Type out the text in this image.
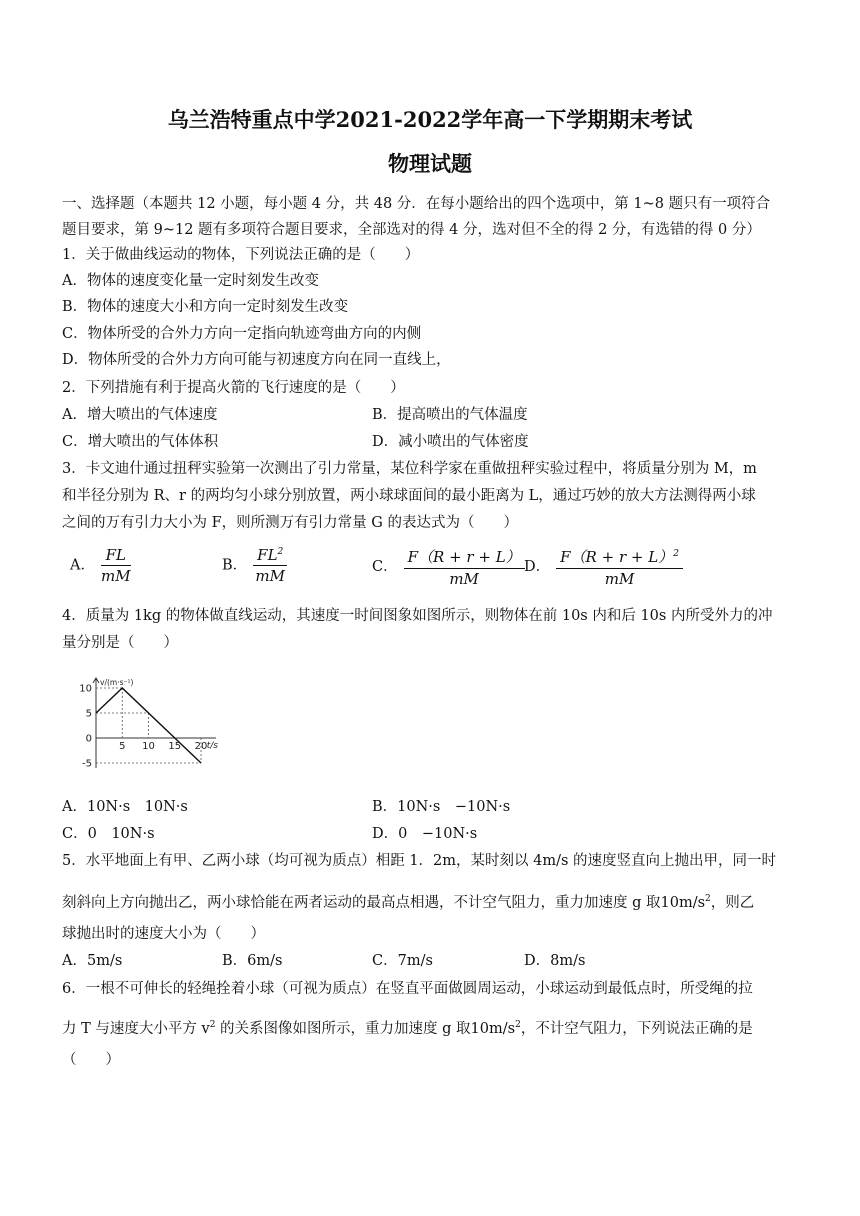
乌兰浩特重点中学2021-2022学年高一下学期期末考试
物理试题
一、选择题（本题共 12 小题，每小题 4 分，共 48 分．在每小题给出的四个选项中，第 1~8 题只有一项符合
题目要求，第 9~12 题有多项符合题目要求，全部选对的得 4 分，选对但不全的得 2 分，有选错的得 0 分）
1．关于做曲线运动的物体，下列说法正确的是（　　）
A．物体的速度变化量一定时刻发生改变
B．物体的速度大小和方向一定时刻发生改变
C．物体所受的合外力方向一定指向轨迹弯曲方向的内侧
D．物体所受的合外力方向可能与初速度方向在同一直线上，
2．下列措施有利于提高火箭的飞行速度的是（　　）
A．增大喷出的气体速度	B．提高喷出的气体温度
C．增大喷出的气体体积	D．减小喷出的气体密度
3．卡文迪什通过扭秤实验第一次测出了引力常量，某位科学家在重做扭秤实验过程中，将质量分别为 M，m
和半径分别为 R、r 的两均匀小球分别放置，两小球球面间的最小距离为 L，通过巧妙的放大方法测得两小球
之间的万有引力大小为 F，则所测万有引力常量 G 的表达式为（　　）
A． $\frac{FL}{mM}$	B． $\frac{FL^2}{mM}$	C． $\frac{F(R + r + L)}{mM}$ D． $\frac{F(R + r + L)^2}{mM}$
4．质量为 1kg 的物体做直线运动，其速度一时间图象如图所示，则物体在前 10s 内和后 10s 内所受外力的冲
量分别是（　　）
10
5
0
-5
5 10 15 20
v/(m·s⁻¹)
t/s
A．10N·s　10N·s	B．10N·s　−10N·s
C．0　10N·s	D．0　−10N·s
5．水平地面上有甲、乙两小球（均可视为质点）相距 1．2m，某时刻以 4m/s 的速度竖直向上抛出甲，同一时
刻斜向上方向抛出乙，两小球恰能在两者运动的最高点相遇，不计空气阻力，重力加速度 g 取$10m/s^2$，则乙
球抛出时的速度大小为（　　）
A．5m/s	B．6m/s	C．7m/s	D．8m/s
6．一根不可伸长的轻绳拴着小球（可视为质点）在竖直平面做圆周运动，小球运动到最低点时，所受绳的拉
力 T 与速度大小平方 $v^2$ 的关系图像如图所示，重力加速度 g 取$10m/s^2$，不计空气阻力，下列说法正确的是
（　　）
